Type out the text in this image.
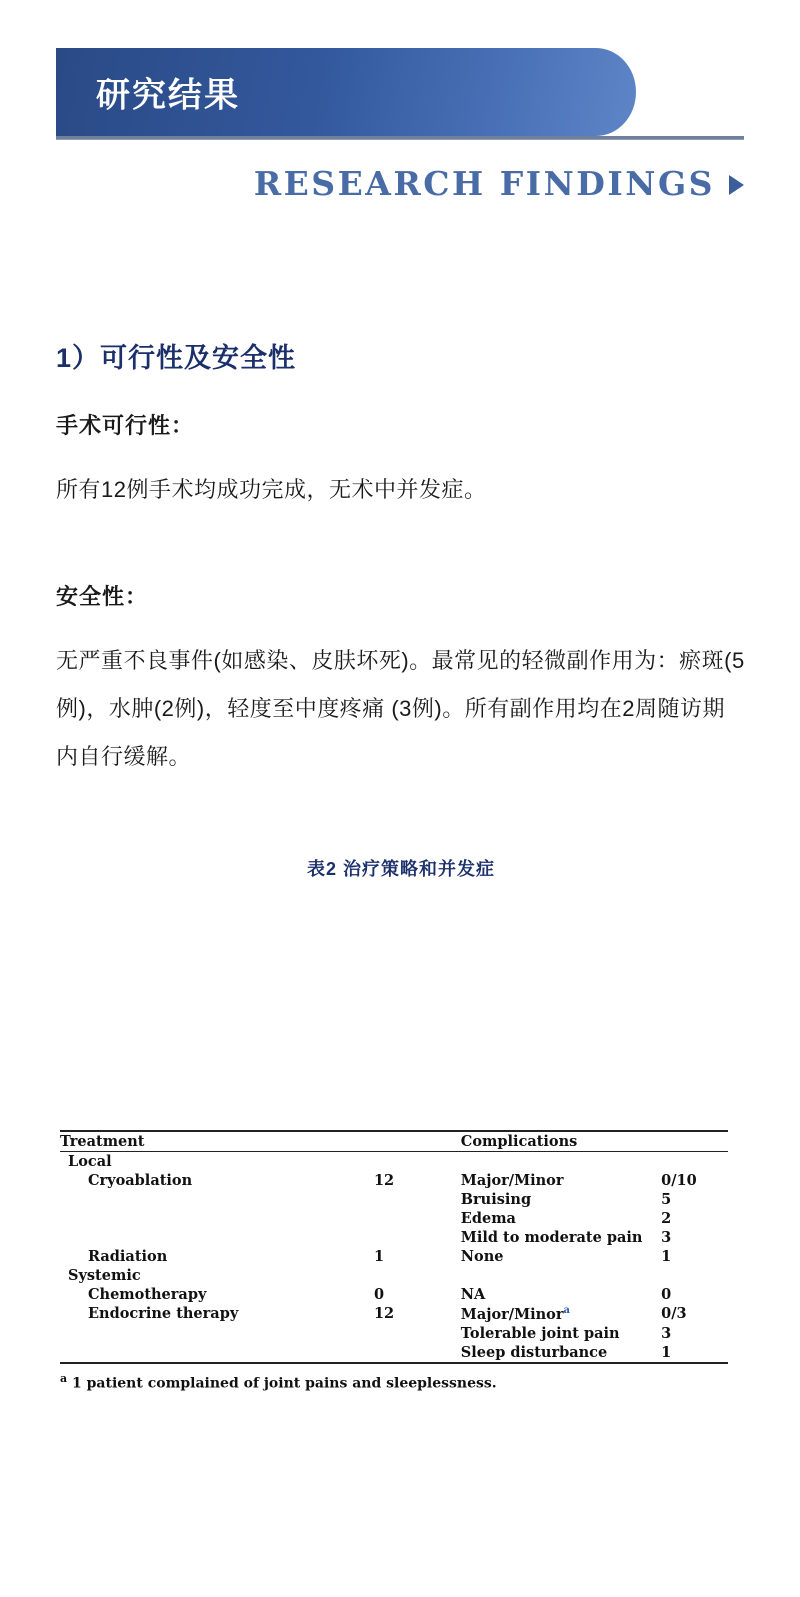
研究结果
RESEARCH FINDINGS
1）可行性及安全性
手术可行性：

所有12例手术均成功完成，无术中并发症。

安全性：

无严重不良事件(如感染、皮肤坏死)。最常见的轻微副作用为：瘀斑(5例)，水肿(2例)，轻度至中度疼痛 (3例)。所有副作用均在2周随访期内自行缓解。

表2 治疗策略和并发症
Treatment		Complications	
Local			
Cryoablation	12	Major/Minor	0/10
		Bruising	5
		Edema	2
		Mild to moderate pain	3
Radiation	1	None	1
Systemic			
Chemotherapy	0	NA	0
Endocrine therapy	12	Major/Minor$^a$	0/3
		Tolerable joint pain	3
		Sleep disturbance	1
$^a$ 1 patient complained of joint pains and sleeplessness.
